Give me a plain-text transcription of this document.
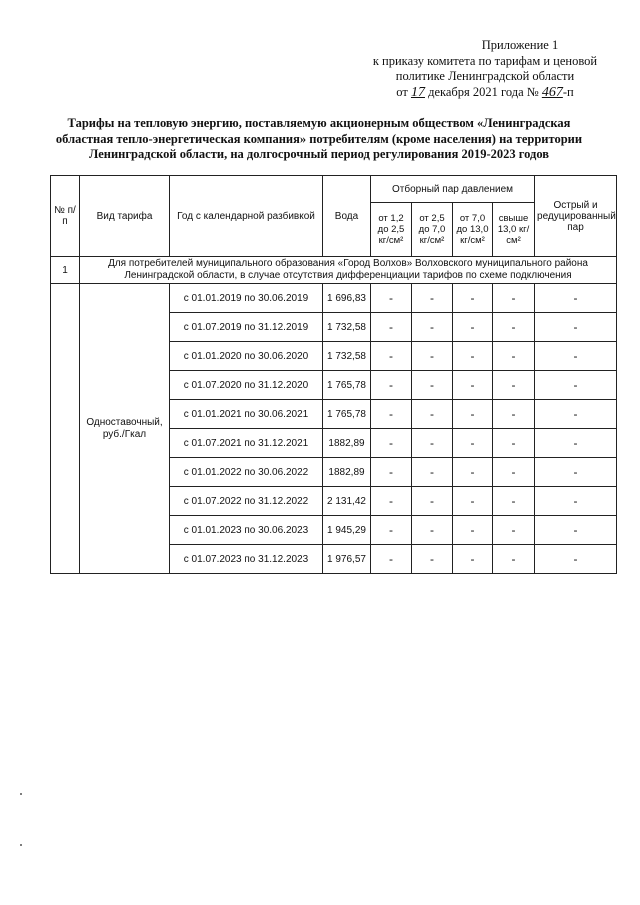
Приложение 1
к приказу комитета по тарифам и ценовой
политике Ленинградской области
от 17 декабря 2021 года № 467-п
Тарифы на тепловую энергию, поставляемую акционерным обществом «Ленинградская
областная тепло-энергетическая компания» потребителям (кроме населения) на территории
Ленинградской области, на долгосрочный период регулирования 2019-2023 годов
№ п/п	Вид тарифа	Год с календарной разбивкой	Вода	Отборный пар давлением				Острый и редуцированный пар
				от 1,2 до 2,5 кг/см²	от 2,5 до 7,0 кг/см²	от 7,0 до 13,0 кг/см²	свыше 13,0 кг/см²	
1	Для потребителей муниципального образования «Город Волхов» Волховского муниципального района Ленинградской области, в случае отсутствия дифференциации тарифов по схеме подключения							
	Одноставочный, руб./Гкал	с 01.01.2019 по 30.06.2019	1 696,83	-	-	-	-	-
		с 01.07.2019 по 31.12.2019	1 732,58	-	-	-	-	-
		с 01.01.2020 по 30.06.2020	1 732,58	-	-	-	-	-
		с 01.07.2020 по 31.12.2020	1 765,78	-	-	-	-	-
		с 01.01.2021 по 30.06.2021	1 765,78	-	-	-	-	-
		с 01.07.2021 по 31.12.2021	1882,89	-	-	-	-	-
		с 01.01.2022 по 30.06.2022	1882,89	-	-	-	-	-
		с 01.07.2022 по 31.12.2022	2 131,42	-	-	-	-	-
		с 01.01.2023 по 30.06.2023	1 945,29	-	-	-	-	-
		с 01.07.2023 по 31.12.2023	1 976,57	-	-	-	-	-
